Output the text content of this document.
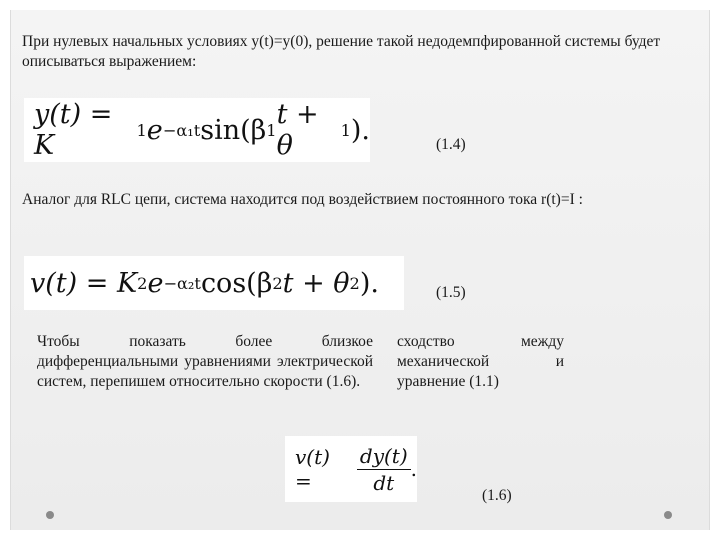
При нулевых начальных условиях y(t)=y(0), решение такой недодемпфированной системы будет описываться выражением:
y(t) = K	1 e −α₁t sin(β 1 t + θ	1 ).	(1.4)
Аналог для RLC цепи, система находится под воздействием постоянного тока r(t)=I :
v(t) = K 2 e −α₂t cos(β 2 t + θ 2 ).	(1.5)
Чтобы показать более близкое дифференциальными уравнениями электрической систем, перепишем относительно скорости (1.6).
сходство между механической и уравнение (1.1)
v(t) =	$\frac{dy(t)}{dt}$ .
(1.6)
